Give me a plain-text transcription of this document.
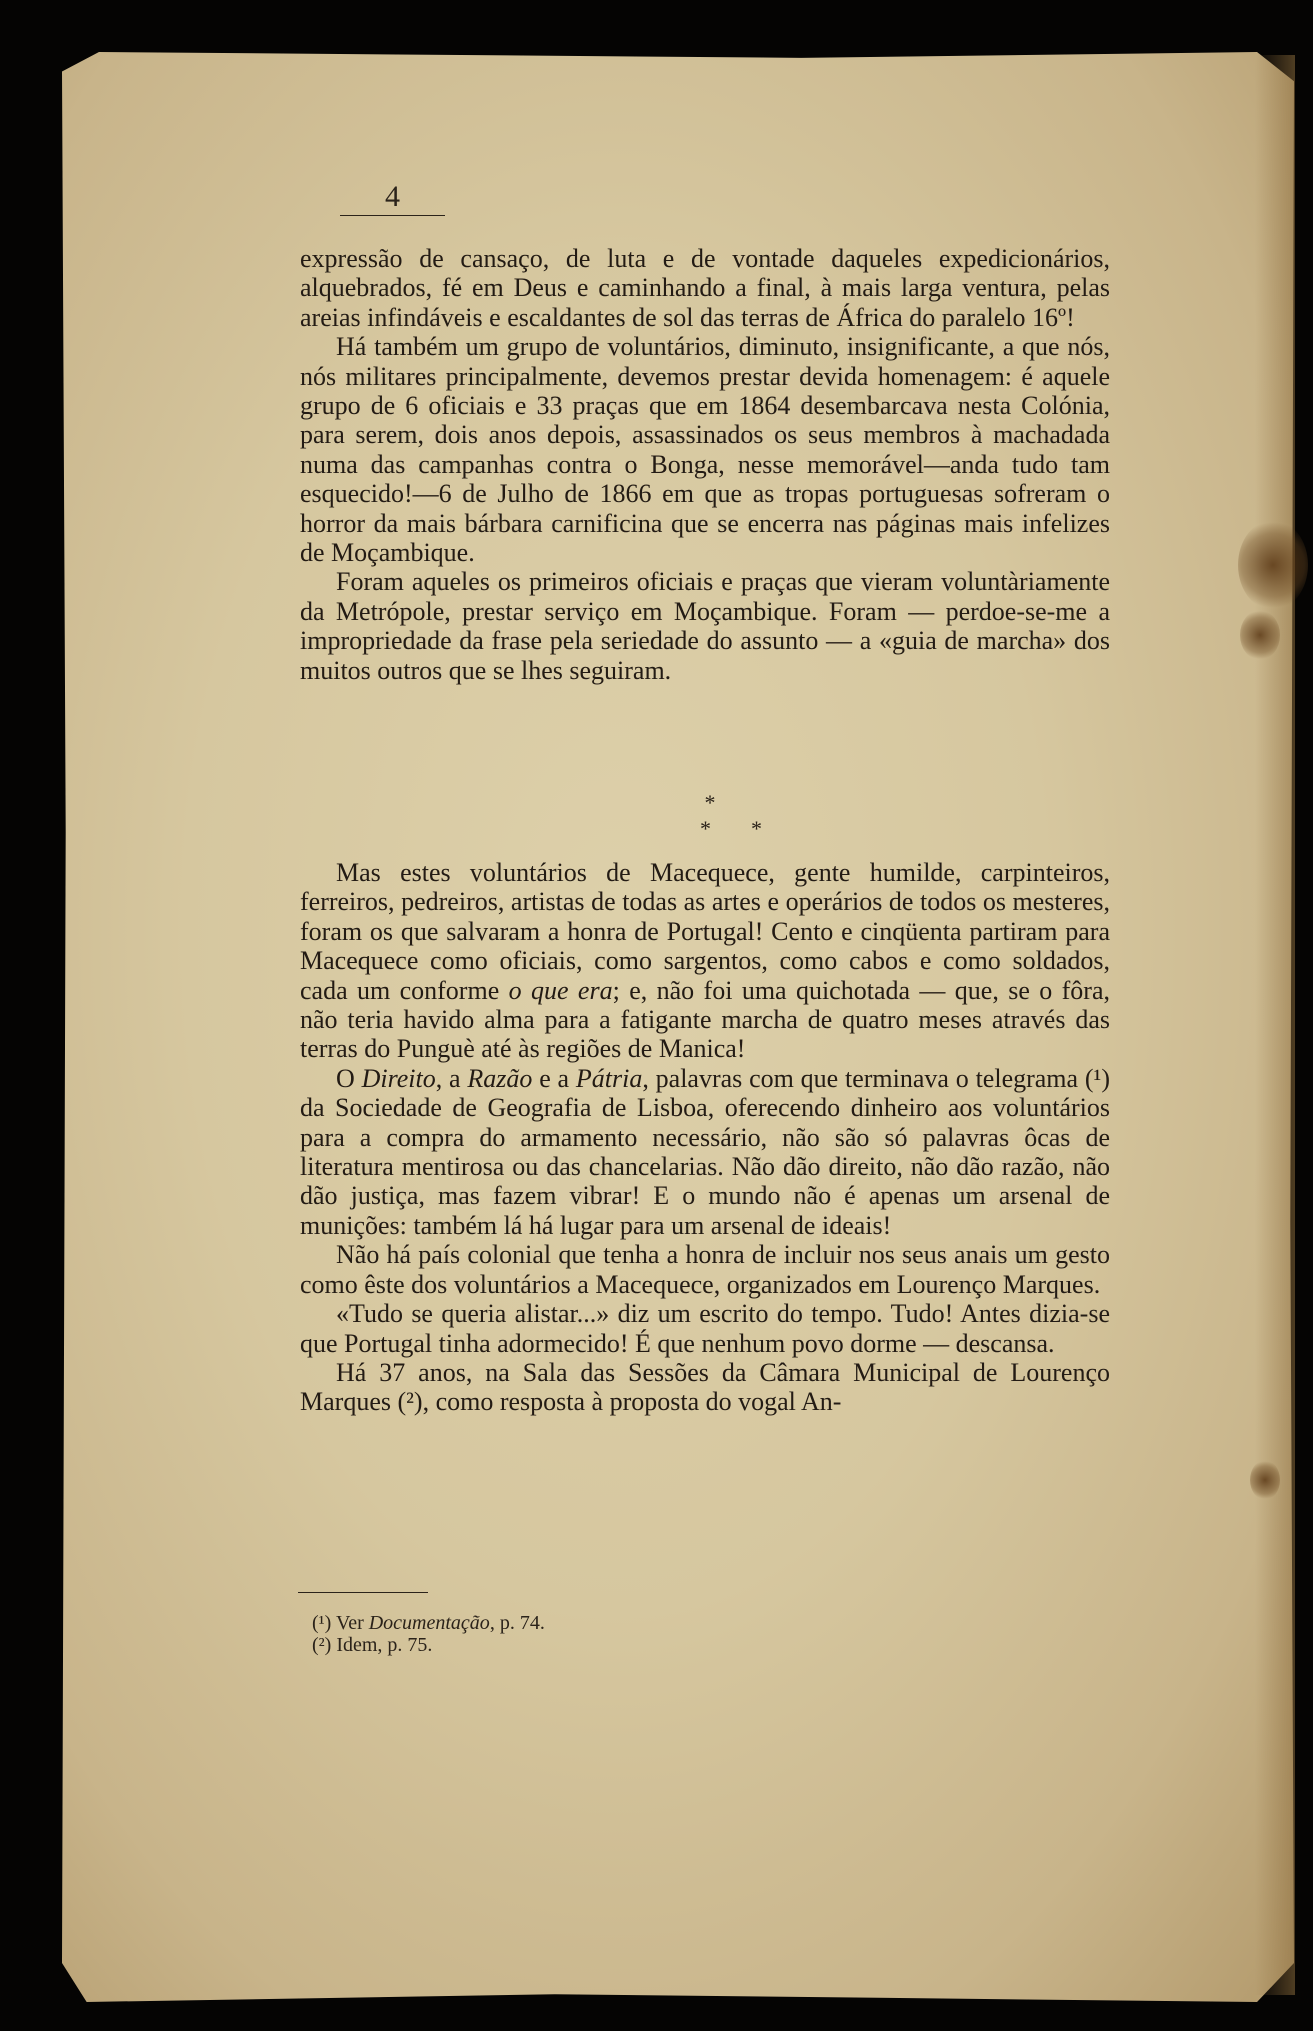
4

expressão de cansaço, de luta e de vontade daqueles expedicionários, alquebrados, fé em Deus e caminhando a final, à mais larga ventura, pelas areias infindáveis e escaldantes de sol das terras de África do paralelo 16º!

Há também um grupo de voluntários, diminuto, insignificante, a que nós, nós militares principalmente, devemos prestar devida homenagem: é aquele grupo de 6 oficiais e 33 praças que em 1864 desembarcava nesta Colónia, para serem, dois anos depois, assassinados os seus membros à machadada numa das campanhas contra o Bonga, nesse memorável—anda tudo tam esquecido!—6 de Julho de 1866 em que as tropas portuguesas sofreram o horror da mais bárbara carnificina que se encerra nas páginas mais infelizes de Moçambique.

Foram aqueles os primeiros oficiais e praças que vieram voluntàriamente da Metrópole, prestar serviço em Moçambique. Foram — perdoe-se-me a impropriedade da frase pela seriedade do assunto — a «guia de marcha» dos muitos outros que se lhes seguiram.

*
**

Mas estes voluntários de Macequece, gente humilde, carpinteiros, ferreiros, pedreiros, artistas de todas as artes e operários de todos os mesteres, foram os que salvaram a honra de Portugal! Cento e cinqüenta partiram para Macequece como oficiais, como sargentos, como cabos e como soldados, cada um conforme o que era; e, não foi uma quichotada — que, se o fôra, não teria havido alma para a fatigante marcha de quatro meses através das terras do Punguè até às regiões de Manica!

O Direito, a Razão e a Pátria, palavras com que terminava o telegrama (¹) da Sociedade de Geografia de Lisboa, oferecendo dinheiro aos voluntários para a compra do armamento necessário, não são só palavras ôcas de literatura mentirosa ou das chancelarias. Não dão direito, não dão razão, não dão justiça, mas fazem vibrar! E o mundo não é apenas um arsenal de munições: também lá há lugar para um arsenal de ideais!

Não há país colonial que tenha a honra de incluir nos seus anais um gesto como êste dos voluntários a Macequece, organizados em Lourenço Marques.

«Tudo se queria alistar...» diz um escrito do tempo. Tudo! Antes dizia-se que Portugal tinha adormecido! É que nenhum povo dorme — descansa.

Há 37 anos, na Sala das Sessões da Câmara Municipal de Lourenço Marques (²), como resposta à proposta do vogal An-

(¹) Ver Documentação, p. 74.
(²) Idem, p. 75.
